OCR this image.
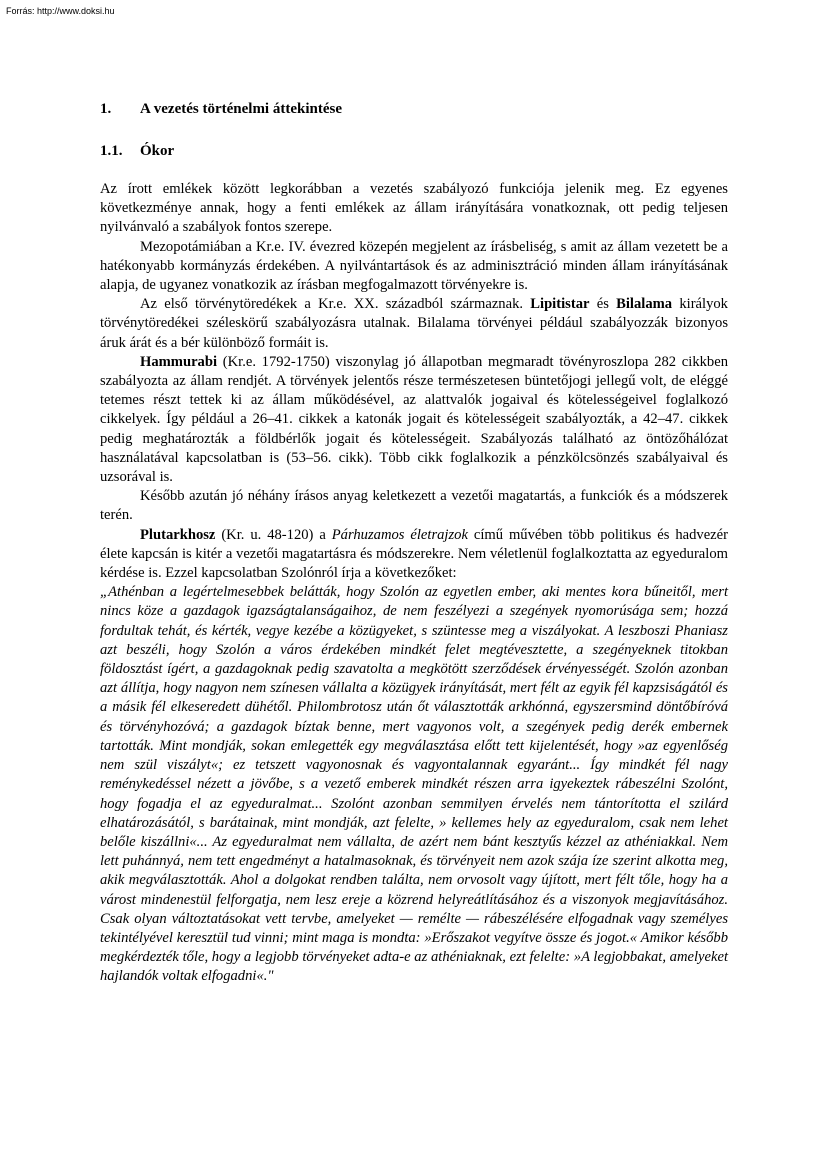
Forrás: http://www.doksi.hu
1.	A vezetés történelmi áttekintése
1.1.	Ókor

Az írott emlékek között legkorábban a vezetés szabályozó funkciója jelenik meg. Ez egyenes következménye annak, hogy a fenti emlékek az állam irányítására vonatkoznak, ott pedig teljesen nyilvánvaló a szabályok fontos szerepe.

Mezopotámiában a Kr.e. IV. évezred közepén megjelent az írásbeliség, s amit az állam vezetett be a hatékonyabb kormányzás érdekében. A nyilvántartások és az adminisztráció minden állam irányításának alapja, de ugyanez vonatkozik az írásban megfogalmazott törvényekre is.

Az első törvénytöredékek a Kr.e. XX. századból származnak. Lipitistar és Bilalama királyok törvénytöredékei széleskörű szabályozásra utalnak. Bilalama törvényei például szabályozzák bizonyos áruk árát és a bér különböző formáit is.

Hammurabi (Kr.e. 1792-1750) viszonylag jó állapotban megmaradt tövényroszlopa 282 cikkben szabályozta az állam rendjét. A törvények jelentős része természetesen büntetőjogi jellegű volt, de eléggé tetemes részt tettek ki az állam működésével, az alattvalók jogaival és kötelességeivel foglalkozó cikkelyek. Így például a 26–41. cikkek a katonák jogait és kötelességeit szabályozták, a 42–47. cikkek pedig meghatározták a földbérlők jogait és kötelességeit. Szabályozás található az öntözőhálózat használatával kapcsolatban is (53–56. cikk). Több cikk foglalkozik a pénzkölcsönzés szabályaival és uzsorával is.

Később azután jó néhány írásos anyag keletkezett a vezetői magatartás, a funkciók és a módszerek terén.

Plutarkhosz (Kr. u. 48-120) a Párhuzamos életrajzok című művében több politikus és hadvezér élete kapcsán is kitér a vezetői magatartásra és módszerekre. Nem véletlenül foglalkoztatta az egyeduralom kérdése is. Ezzel kapcsolatban Szolónról írja a következőket:

„Athénban a legértelmesebbek belátták, hogy Szolón az egyetlen ember, aki mentes kora bűneitől, mert nincs köze a gazdagok igazságtalanságaihoz, de nem feszélyezi a szegények nyomorúsága sem; hozzá fordultak tehát, és kérték, vegye kezébe a közügyeket, s szüntesse meg a viszályokat. A leszboszi Phaniasz azt beszéli, hogy Szolón a város érdekében mindkét felet megtévesztette, a szegényeknek titokban földosztást ígért, a gazdagoknak pedig szavatolta a megkötött szerződések érvényességét. Szolón azonban azt állítja, hogy nagyon nem színesen vállalta a közügyek irányítását, mert félt az egyik fél kapzsiságától és a másik fél elkeseredett dühétől. Philombrotosz után őt választották arkhónná, egyszersmind döntőbíróvá és törvényhozóvá; a gazdagok bíztak benne, mert vagyonos volt, a szegények pedig derék embernek tartották. Mint mondják, sokan emlegették egy megválasztása előtt tett kijelentését, hogy »az egyenlőség nem szül viszályt«; ez tetszett vagyonosnak és vagyontalannak egyaránt... Így mindkét fél nagy reménykedéssel nézett a jövőbe, s a vezető emberek mindkét részen arra igyekeztek rábeszélni Szolónt, hogy fogadja el az egyeduralmat... Szolónt azonban semmilyen érvelés nem tántorította el szilárd elhatározásától, s barátainak, mint mondják, azt felelte, » kellemes hely az egyeduralom, csak nem lehet belőle kiszállni«... Az egyeduralmat nem vállalta, de azért nem bánt kesztyűs kézzel az athéniakkal. Nem lett puhánnyá, nem tett engedményt a hatalmasoknak, és törvényeit nem azok szája íze szerint alkotta meg, akik megválasztották. Ahol a dolgokat rendben találta, nem orvosolt vagy újított, mert félt tőle, hogy ha a várost mindenestül felforgatja, nem lesz ereje a közrend helyreátlításához és a viszonyok megjavításához. Csak olyan változtatásokat vett tervbe, amelyeket — remélte — rábeszélésére elfogadnak vagy személyes tekintélyével keresztül tud vinni; mint maga is mondta: »Erőszakot vegyítve össze és jogot.« Amikor később megkérdezték tőle, hogy a legjobb törvényeket adta-e az athéniaknak, ezt felelte: »A legjobbakat, amelyeket hajlandók voltak elfogadni«."
